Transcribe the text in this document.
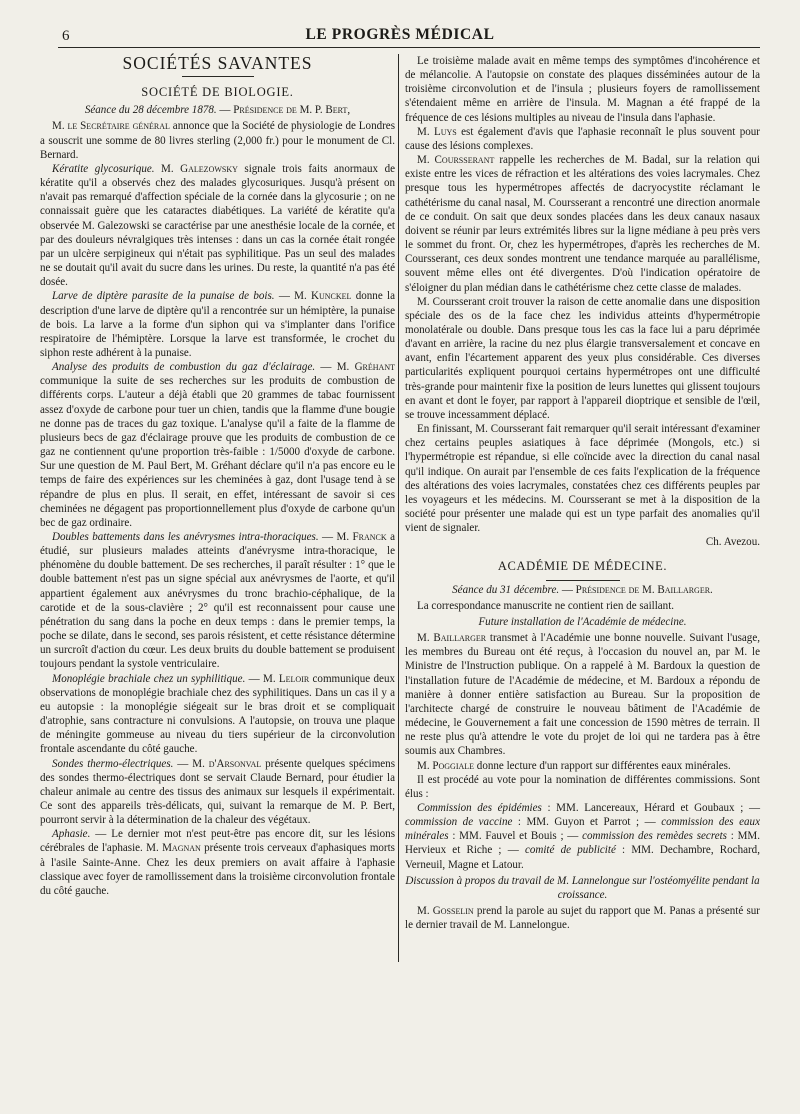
6	LE PROGRÈS MÉDICAL
SOCIÉTÉS SAVANTES
SOCIÉTÉ DE BIOLOGIE.

Séance du 28 décembre 1878. — Présidence de M. P. Bert,

M. le Secrétaire général annonce que la Société de physiologie de Londres a souscrit une somme de 80 livres sterling (2,000 fr.) pour le monument de Cl. Bernard.

Kératite glycosurique. M. Galezowsky signale trois faits anormaux de kératite qu'il a observés chez des malades glycosuriques. Jusqu'à présent on n'avait pas remarqué d'affection spéciale de la cornée dans la glycosurie ; on ne connaissait guère que les cataractes diabétiques. La variété de kératite qu'a observée M. Galezowski se caractérise par une anesthésie locale de la cornée, et par des douleurs névralgiques très intenses : dans un cas la cornée était rongée par un ulcère serpigineux qui n'était pas syphilitique. Pas un seul des malades ne se doutait qu'il avait du sucre dans les urines. Du reste, la quantité n'a pas été dosée.

Larve de diptère parasite de la punaise de bois. — M. Kunckel donne la description d'une larve de diptère qu'il a rencontrée sur un hémiptère, la punaise de bois. La larve a la forme d'un siphon qui va s'implanter dans l'orifice respiratoire de l'hémiptère. Lorsque la larve est transformée, le crochet du siphon reste adhérent à la punaise.

Analyse des produits de combustion du gaz d'éclairage. — M. Gréhant communique la suite de ses recherches sur les produits de combustion de différents corps. L'auteur a déjà établi que 20 grammes de tabac fournissent assez d'oxyde de carbone pour tuer un chien, tandis que la flamme d'une bougie ne donne pas de traces du gaz toxique. L'analyse qu'il a faite de la flamme de plusieurs becs de gaz d'éclairage prouve que les produits de combustion de ce gaz ne contiennent qu'une proportion très-faible : 1/5000 d'oxyde de carbone. Sur une question de M. Paul Bert, M. Gréhant déclare qu'il n'a pas encore eu le temps de faire des expériences sur les cheminées à gaz, dont l'usage tend à se répandre de plus en plus. Il serait, en effet, intéressant de savoir si ces cheminées ne dégagent pas proportionnellement plus d'oxyde de carbone qu'un bec de gaz ordinaire.

Doubles battements dans les anévrysmes intra-thoraciques. — M. Franck a étudié, sur plusieurs malades atteints d'anévrysme intra-thoracique, le phénomène du double battement. De ses recherches, il paraît résulter : 1° que le double battement n'est pas un signe spécial aux anévrysmes de l'aorte, et qu'il appartient également aux anévrysmes du tronc brachio-céphalique, de la carotide et de la sous-clavière ; 2° qu'il est reconnaissent pour cause une pénétration du sang dans la poche en deux temps : dans le premier temps, la poche se dilate, dans le second, ses parois résistent, et cette résistance détermine un surcroît d'action du cœur. Les deux bruits du double battement se produisent toujours pendant la systole ventriculaire.

Monoplégie brachiale chez un syphilitique. — M. Leloir communique deux observations de monoplégie brachiale chez des syphilitiques. Dans un cas il y a eu autopsie : la monoplégie siégeait sur le bras droit et se compliquait d'atrophie, sans contracture ni convulsions. A l'autopsie, on trouva une plaque de méningite gommeuse au niveau du tiers supérieur de la circonvolution frontale ascendante du côté gauche.

Sondes thermo-électriques. — M. d'Arsonval présente quelques spécimens des sondes thermo-électriques dont se servait Claude Bernard, pour étudier la chaleur animale au centre des tissus des animaux sur lesquels il expérimentait. Ce sont des appareils très-délicats, qui, suivant la remarque de M. P. Bert, pourront servir à la détermination de la chaleur des végétaux.

Aphasie. — Le dernier mot n'est peut-être pas encore dit, sur les lésions cérébrales de l'aphasie. M. Magnan présente trois cerveaux d'aphasiques morts à l'asile Sainte-Anne. Chez les deux premiers on avait affaire à l'aphasie classique avec foyer de ramollissement dans la troisième circonvolution frontale du côté gauche.

Le troisième malade avait en même temps des symptômes d'incohérence et de mélancolie. A l'autopsie on constate des plaques disséminées autour de la troisième circonvolution et de l'insula ; plusieurs foyers de ramollissement s'étendaient même en arrière de l'insula. M. Magnan a été frappé de la fréquence de ces lésions multiples au niveau de l'insula dans l'aphasie.

M. Luys est également d'avis que l'aphasie reconnaît le plus souvent pour cause des lésions complexes.

M. Coursserant rappelle les recherches de M. Badal, sur la relation qui existe entre les vices de réfraction et les altérations des voies lacrymales. Chez presque tous les hypermétropes affectés de dacryocystite réclamant le cathétérisme du canal nasal, M. Coursserant a rencontré une direction anormale de ce conduit. On sait que deux sondes placées dans les deux canaux nasaux doivent se réunir par leurs extrémités libres sur la ligne médiane à peu près vers le sommet du front. Or, chez les hypermétropes, d'après les recherches de M. Coursserant, ces deux sondes montrent une tendance marquée au parallélisme, souvent même elles ont été divergentes. D'où l'indication opératoire de s'éloigner du plan médian dans le cathétérisme chez cette classe de malades.

M. Coursserant croit trouver la raison de cette anomalie dans une disposition spéciale des os de la face chez les individus atteints d'hypermétropie monolatérale ou double. Dans presque tous les cas la face lui a paru déprimée d'avant en arrière, la racine du nez plus élargie transversalement et concave en avant, enfin l'écartement apparent des yeux plus considérable. Ces diverses particularités expliquent pourquoi certains hypermétropes ont une difficulté très-grande pour maintenir fixe la position de leurs lunettes qui glissent toujours en avant et dont le foyer, par rapport à l'appareil dioptrique et sensible de l'œil, se trouve incessamment déplacé.

En finissant, M. Coursserant fait remarquer qu'il serait intéressant d'examiner chez certains peuples asiatiques à face déprimée (Mongols, etc.) si l'hypermétropie est répandue, si elle coïncide avec la direction du canal nasal qu'il indique. On aurait par l'ensemble de ces faits l'explication de la fréquence des altérations des voies lacrymales, constatées chez ces différents peuples par les voyageurs et les médecins. M. Coursserant se met à la disposition de la société pour présenter une malade qui est un type parfait des anomalies qu'il vient de signaler.

Ch. Avezou.

ACADÉMIE DE MÉDECINE.

Séance du 31 décembre. — Présidence de M. Baillarger.

La correspondance manuscrite ne contient rien de saillant.

Future installation de l'Académie de médecine.

M. Baillarger transmet à l'Académie une bonne nouvelle. Suivant l'usage, les membres du Bureau ont été reçus, à l'occasion du nouvel an, par M. le Ministre de l'Instruction publique. On a rappelé à M. Bardoux la question de l'installation future de l'Académie de médecine, et M. Bardoux a répondu de manière à donner entière satisfaction au Bureau. Sur la proposition de l'architecte chargé de construire le nouveau bâtiment de l'Académie de médecine, le Gouvernement a fait une concession de 1590 mètres de terrain. Il ne reste plus qu'à attendre le vote du projet de loi qui ne tardera pas à être soumis aux Chambres.

M. Poggiale donne lecture d'un rapport sur différentes eaux minérales.

Il est procédé au vote pour la nomination de différentes commissions. Sont élus :

Commission des épidémies : MM. Lancereaux, Hérard et Goubaux ; — commission de vaccine : MM. Guyon et Parrot ; — commission des eaux minérales : MM. Fauvel et Bouis ; — commission des remèdes secrets : MM. Hervieux et Riche ; — comité de publicité : MM. Dechambre, Rochard, Verneuil, Magne et Latour.

Discussion à propos du travail de M. Lannelongue sur l'ostéomyélite pendant la croissance.

M. Gosselin prend la parole au sujet du rapport que M. Panas a présenté sur le dernier travail de M. Lannelongue.
